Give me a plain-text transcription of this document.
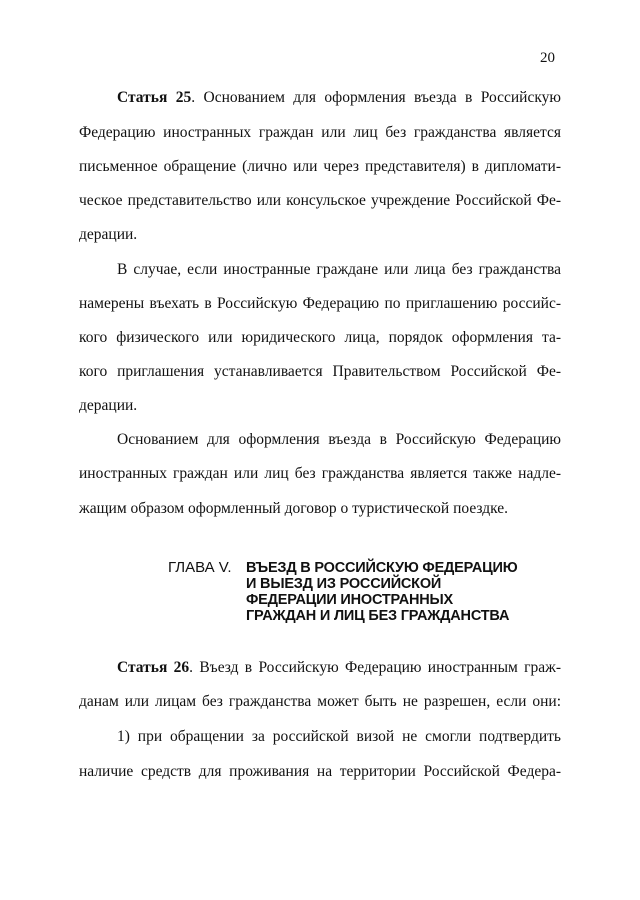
20
Статья 25. Основанием для оформления въезда в Российскую
Федерацию иностранных граждан или лиц без гражданства является
письменное обращение (лично или через представителя) в дипломати-
ческое представительство или консульское учреждение Российской Фе-
дерации.
В случае, если иностранные граждане или лица без гражданства
намерены въехать в Российскую Федерацию по приглашению российс-
кого физического или юридического лица, порядок оформления та-
кого приглашения устанавливается Правительством Российской Фе-
дерации.
Основанием для оформления въезда в Российскую Федерацию
иностранных граждан или лиц без гражданства является также надле-
жащим образом оформленный договор о туристической поездке.
ГЛАВА V. ВЪЕЗД В РОССИЙСКУЮ ФЕДЕРАЦИЮ
И ВЫЕЗД ИЗ РОССИЙСКОЙ
ФЕДЕРАЦИИ ИНОСТРАННЫХ
ГРАЖДАН И ЛИЦ БЕЗ ГРАЖДАНСТВА
Статья 26. Въезд в Российскую Федерацию иностранным граж-
данам или лицам без гражданства может быть не разрешен, если они:
1) при обращении за российской визой не смогли подтвердить
наличие средств для проживания на территории Российской Федера-
